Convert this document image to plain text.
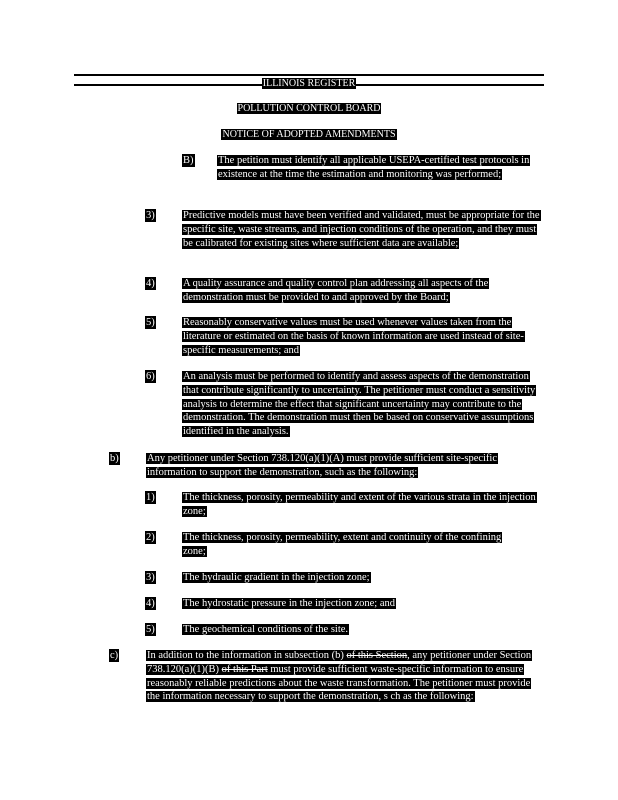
ILLINOIS REGISTER
POLLUTION CONTROL BOARD
NOTICE OF ADOPTED AMENDMENTS
B) The petition must identify all applicable USEPA-certified test protocols in existence at the time the estimation and monitoring was performed;
3)	Predictive models must have been verified and validated, must be appropriate for the specific site, waste streams, and injection conditions of the operation, and they must be calibrated for existing sites where sufficient data are available;
4)	A quality assurance and quality control plan addressing all aspects of the demonstration must be provided to and approved by the Board;
5)	Reasonably conservative values must be used whenever values taken from the literature or estimated on the basis of known information are used instead of site-specific measurements; and
6)	An analysis must be performed to identify and assess aspects of the demonstration that contribute significantly to uncertainty. The petitioner must conduct a sensitivity analysis to determine the effect that significant uncertainty may contribute to the demonstration. The demonstration must then be based on conservative assumptions identified in the analysis.
b)	Any petitioner under Section 738.120(a)(1)(A) must provide sufficient site-specific information to support the demonstration, such as the following:
1)	The thickness, porosity, permeability and extent of the various strata in the injection zone;
2)	The thickness, porosity, permeability, extent and continuity of the confining zone;
3)	The hydraulic gradient in the injection zone;
4)	The hydrostatic pressure in the injection zone; and
5)	The geochemical conditions of the site.
c)	In addition to the information in subsection (b) of this Section, any petitioner under Section 738.120(a)(1)(B) of this Part must provide sufficient waste-specific information to ensure reasonably reliable predictions about the waste transformation. The petitioner must provide the information necessary to support the demonstration, s ch as the following:
